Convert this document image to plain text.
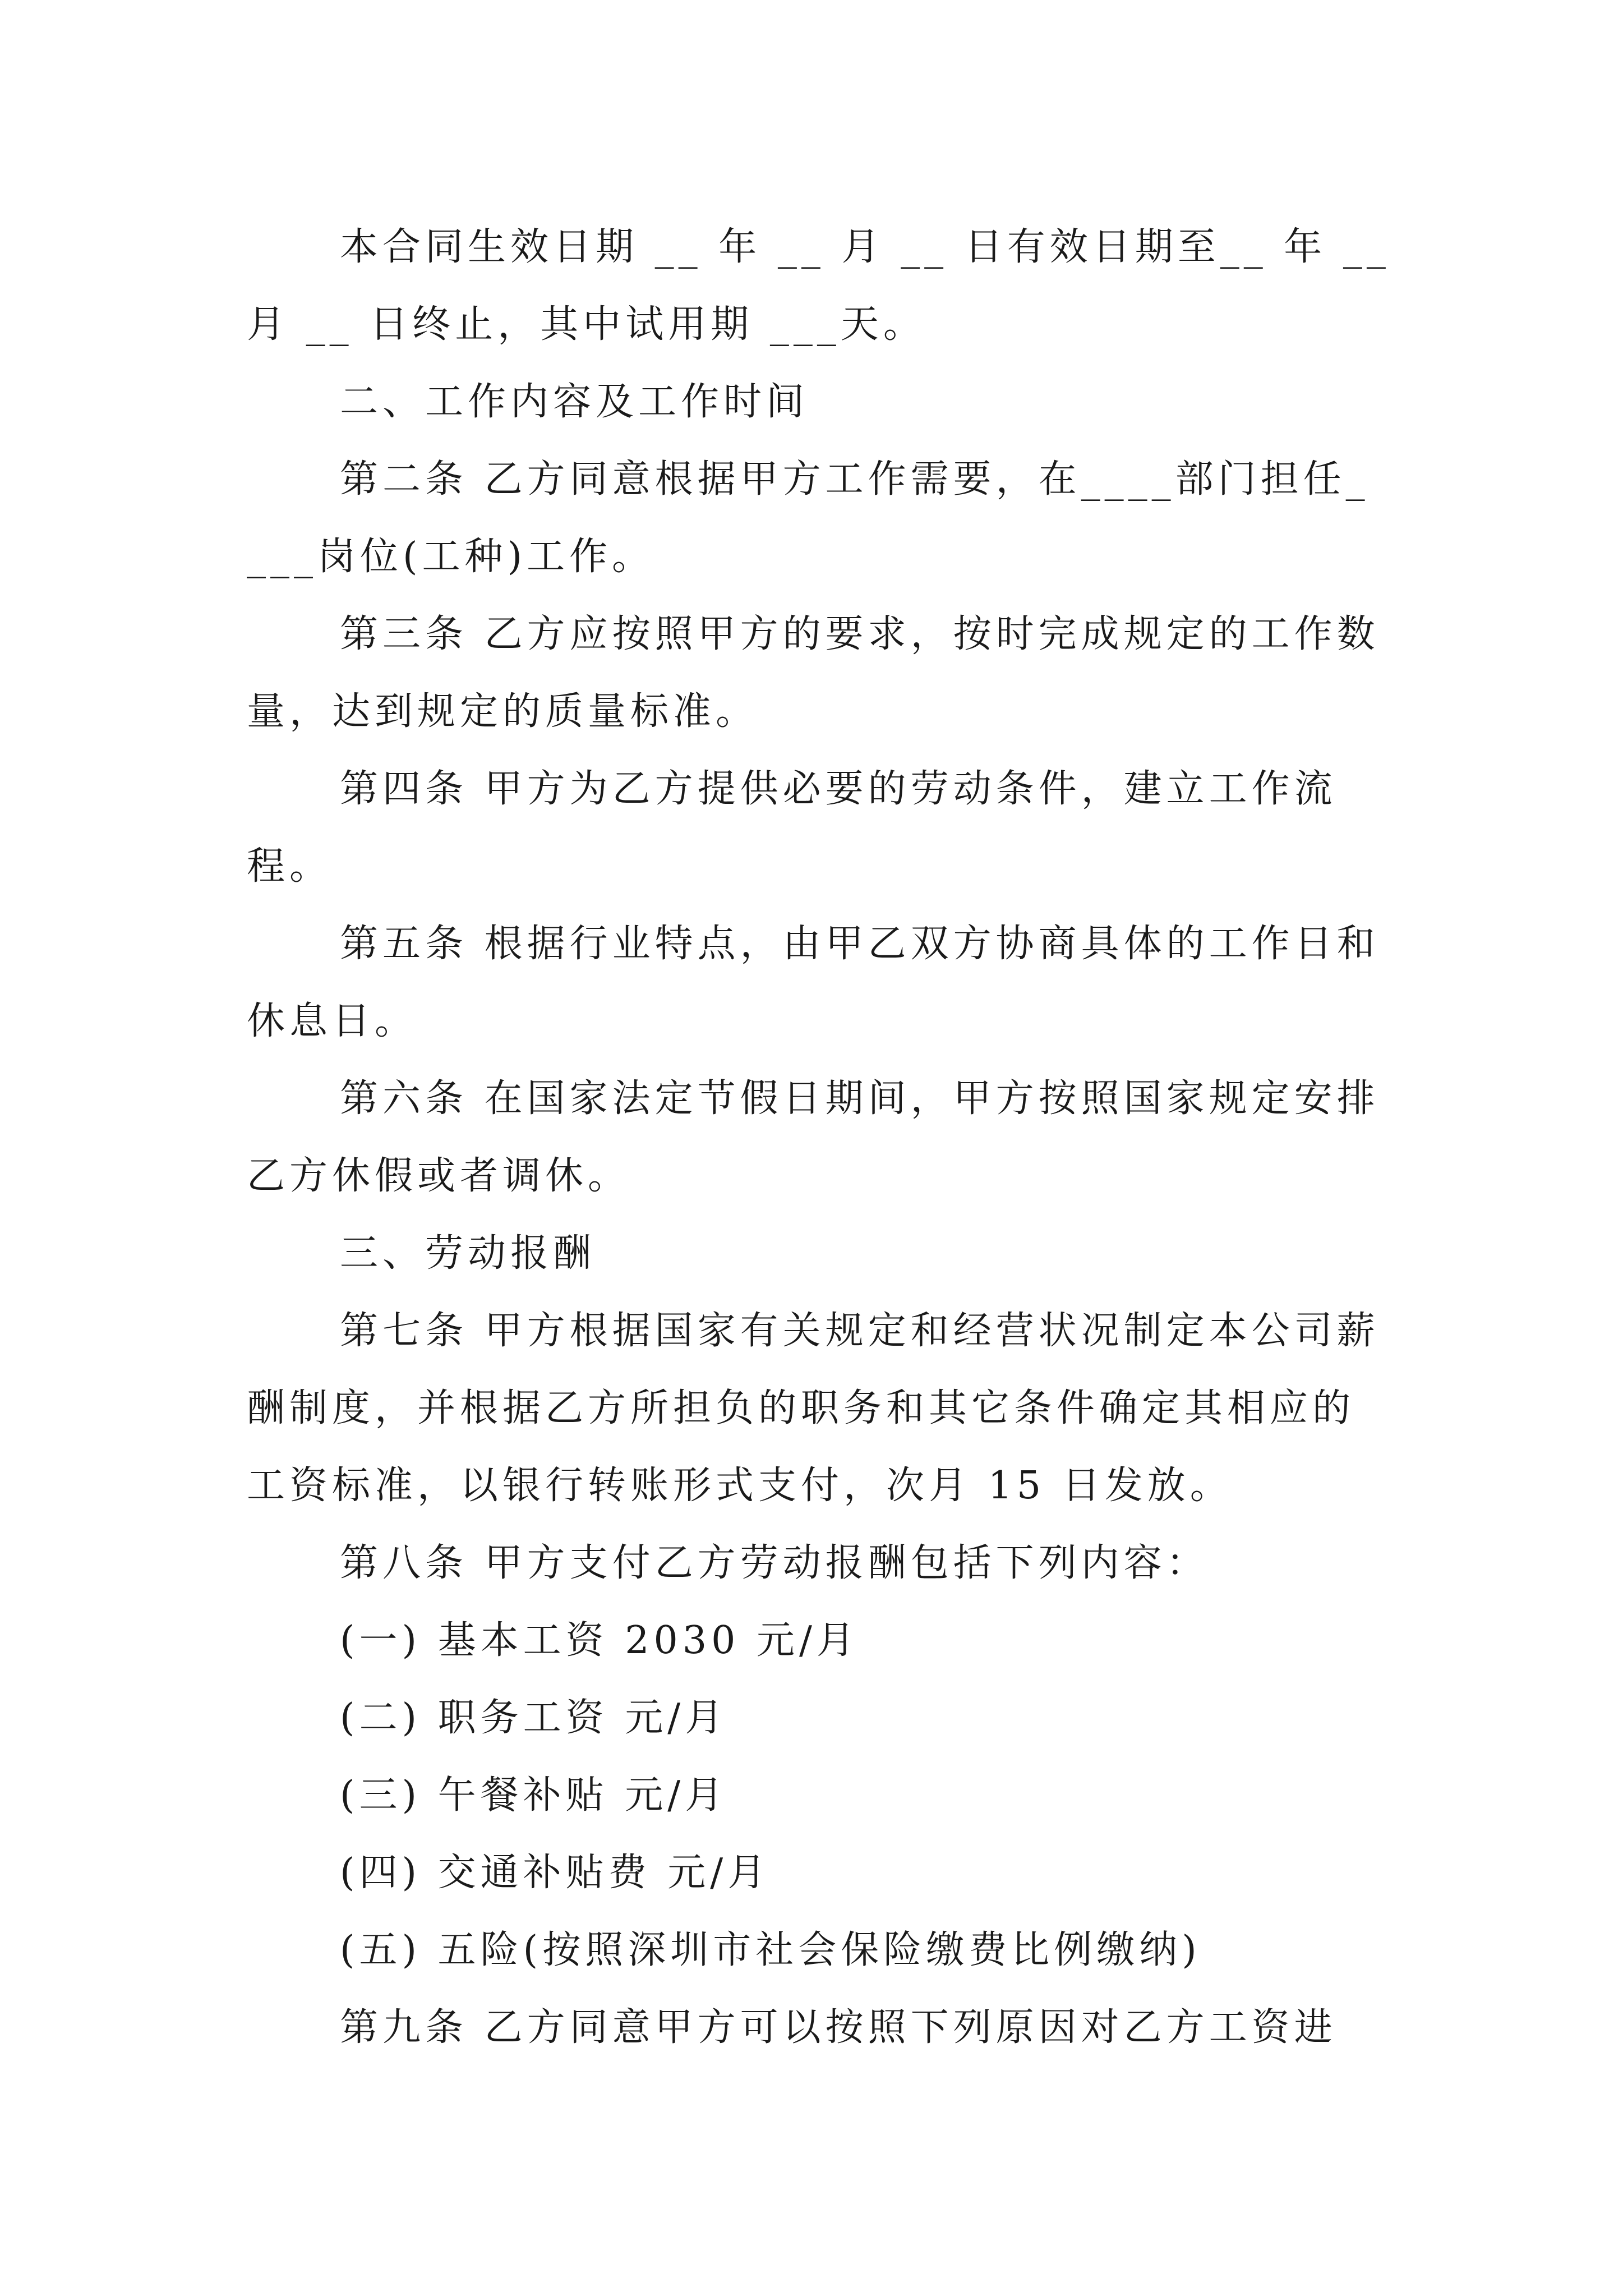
本合同生效日期 __ 年 __ 月 __ 日有效日期至__ 年 __ 月 __ 日终止，其中试用期 ___天。

二、工作内容及工作时间

第二条 乙方同意根据甲方工作需要，在____部门担任____岗位(工种)工作。

第三条 乙方应按照甲方的要求，按时完成规定的工作数量，达到规定的质量标准。

第四条 甲方为乙方提供必要的劳动条件，建立工作流程。

第五条 根据行业特点，由甲乙双方协商具体的工作日和休息日。

第六条 在国家法定节假日期间，甲方按照国家规定安排乙方休假或者调休。

三、劳动报酬

第七条 甲方根据国家有关规定和经营状况制定本公司薪酬制度，并根据乙方所担负的职务和其它条件确定其相应的工资标准，以银行转账形式支付，次月 15 日发放。

第八条 甲方支付乙方劳动报酬包括下列内容：

(一) 基本工资 2030 元/月

(二) 职务工资 元/月

(三) 午餐补贴 元/月

(四) 交通补贴费 元/月

(五) 五险(按照深圳市社会保险缴费比例缴纳)

第九条 乙方同意甲方可以按照下列原因对乙方工资进
